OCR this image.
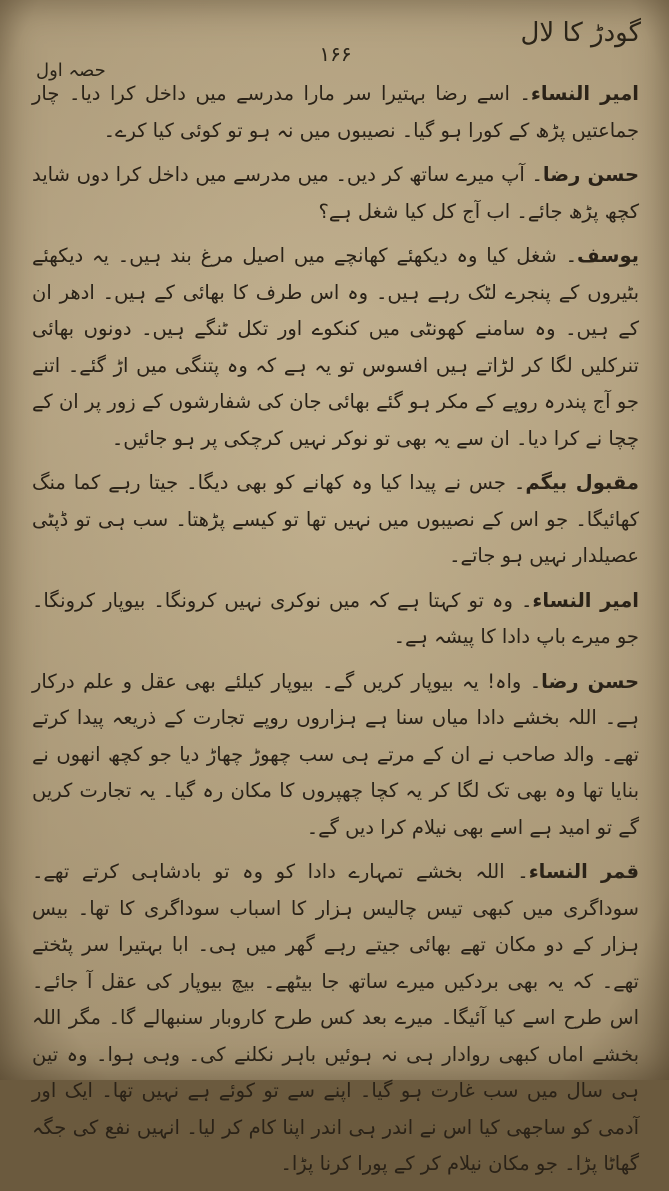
گودڑ کا لال
۱۶۶
حصہ اول

امیر النساء۔ اسے رضا بہتیرا سر مارا مدرسے میں داخل کرا دیا۔ چار جماعتیں پڑھ کے کورا ہو گیا۔ نصیبوں میں نہ ہو تو کوئی کیا کرے۔

حسن رضا۔ آپ میرے ساتھ کر دیں۔ میں مدرسے میں داخل کرا دوں شاید کچھ پڑھ جائے۔ اب آج کل کیا شغل ہے؟

یوسف۔ شغل کیا وہ دیکھئے کھانچے میں اصیل مرغ بند ہیں۔ یہ دیکھئے بٹیروں کے پنجرے لٹک رہے ہیں۔ وہ اس طرف کا بھائی کے ہیں۔ ادھر ان کے ہیں۔ وہ سامنے کھونٹی میں کنکوے اور تکل ٹنگے ہیں۔ دونوں بھائی تنرکلیں لگا کر لڑاتے ہیں افسوس تو یہ ہے کہ وہ پتنگی میں اڑ گئے۔ اتنے جو آج پندرہ روپے کے مکر ہو گئے بھائی جان کی شفارشوں کے زور پر ان کے چچا نے کرا دیا۔ ان سے یہ بھی تو نوکر نہیں کرچکی پر ہو جائیں۔

مقبول بیگم۔ جس نے پیدا کیا وہ کھانے کو بھی دیگا۔ جیتا رہے کما منگ کھائیگا۔ جو اس کے نصیبوں میں نہیں تھا تو کیسے پڑھتا۔ سب ہی تو ڈپٹی عصیلدار نہیں ہو جاتے۔

امیر النساء۔ وہ تو کہتا ہے کہ میں نوکری نہیں کرونگا۔ بیوپار کرونگا۔ جو میرے باپ دادا کا پیشہ ہے۔

حسن رضا۔ واہ! یہ بیوپار کریں گے۔ بیوپار کیلئے بھی عقل و علم درکار ہے۔ اللہ بخشے دادا میاں سنا ہے ہزاروں روپے تجارت کے ذریعہ پیدا کرتے تھے۔ والد صاحب نے ان کے مرتے ہی سب چھوڑ چھاڑ دیا جو کچھ انھوں نے بنایا تھا وہ بھی تک لگا کر یہ کچا چھپروں کا مکان رہ گیا۔ یہ تجارت کریں گے تو امید ہے اسے بھی نیلام کرا دیں گے۔

قمر النساء۔ اللہ بخشے تمہارے دادا کو وہ تو بادشاہی کرتے تھے۔ سوداگری میں کبھی تیس چالیس ہزار کا اسباب سوداگری کا تھا۔ بیس ہزار کے دو مکان تھے بھائی جیتے رہے گھر میں ہی۔ ابا بہتیرا سر پٹختے تھے۔ کہ یہ بھی بردکیں میرے ساتھ جا بیٹھے۔ بیچ بیوپار کی عقل آ جائے۔ اس طرح اسے کیا آئیگا۔ میرے بعد کس طرح کاروبار سنبھالے گا۔ مگر اللہ بخشے اماں کبھی روادار ہی نہ ہوئیں باہر نکلنے کی۔ وہی ہوا۔ وہ تین ہی سال میں سب غارت ہو گیا۔ اپنے سے تو کوئے ہے نہیں تھا۔ ایک اور آدمی کو ساجھی کیا اس نے اندر ہی اندر اپنا کام کر لیا۔ انہیں نفع کی جگہ گھاٹا پڑا۔ جو مکان نیلام کر کے پورا کرنا پڑا۔
